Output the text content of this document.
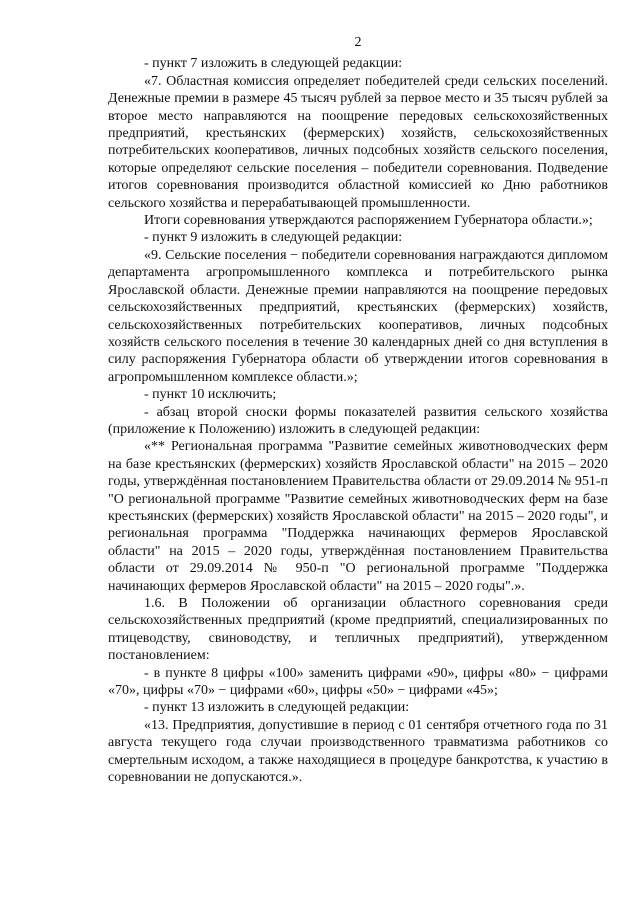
2

- пункт 7 изложить в следующей редакции:

«7. Областная комиссия определяет победителей среди сельских поселений. Денежные премии в размере 45 тысяч рублей за первое место и 35 тысяч рублей за второе место направляются на поощрение передовых сельскохозяйственных предприятий, крестьянских (фермерских) хозяйств, сельскохозяйственных потребительских кооперативов, личных подсобных хозяйств сельского поселения, которые определяют сельские поселения – победители соревнования. Подведение итогов соревнования производится областной комиссией ко Дню работников сельского хозяйства и перерабатывающей промышленности.

Итоги соревнования утверждаются распоряжением Губернатора области.»;

- пункт 9 изложить в следующей редакции:

«9. Сельские поселения − победители соревнования награждаются дипломом департамента агропромышленного комплекса и потребительского рынка Ярославской области. Денежные премии направляются на поощрение передовых сельскохозяйственных предприятий, крестьянских (фермерских) хозяйств, сельскохозяйственных потребительских кооперативов, личных подсобных хозяйств сельского поселения в течение 30 календарных дней со дня вступления в силу распоряжения Губернатора области об утверждении итогов соревнования в агропромышленном комплексе области.»;

- пункт 10 исключить;

- абзац второй сноски формы показателей развития сельского хозяйства (приложение к Положению) изложить в следующей редакции:

«** Региональная программа "Развитие семейных животноводческих ферм на базе крестьянских (фермерских) хозяйств Ярославской области" на 2015 – 2020 годы, утверждённая постановлением Правительства области от 29.09.2014 № 951-п "О региональной программе "Развитие семейных животноводческих ферм на базе крестьянских (фермерских) хозяйств Ярославской области" на 2015 – 2020 годы", и региональная программа "Поддержка начинающих фермеров Ярославской области" на 2015 – 2020 годы, утверждённая постановлением Правительства области от 29.09.2014 № 950-п "О региональной программе "Поддержка начинающих фермеров Ярославской области" на 2015 – 2020 годы".».

1.6. В Положении об организации областного соревнования среди сельскохозяйственных предприятий (кроме предприятий, специализированных по птицеводству, свиноводству, и тепличных предприятий), утвержденном постановлением:

- в пункте 8 цифры «100» заменить цифрами «90», цифры «80» − цифрами «70», цифры «70» − цифрами «60», цифры «50» − цифрами «45»;

- пункт 13 изложить в следующей редакции:

«13. Предприятия, допустившие в период с 01 сентября отчетного года по 31 августа текущего года случаи производственного травматизма работников со смертельным исходом, а также находящиеся в процедуре банкротства, к участию в соревновании не допускаются.».
